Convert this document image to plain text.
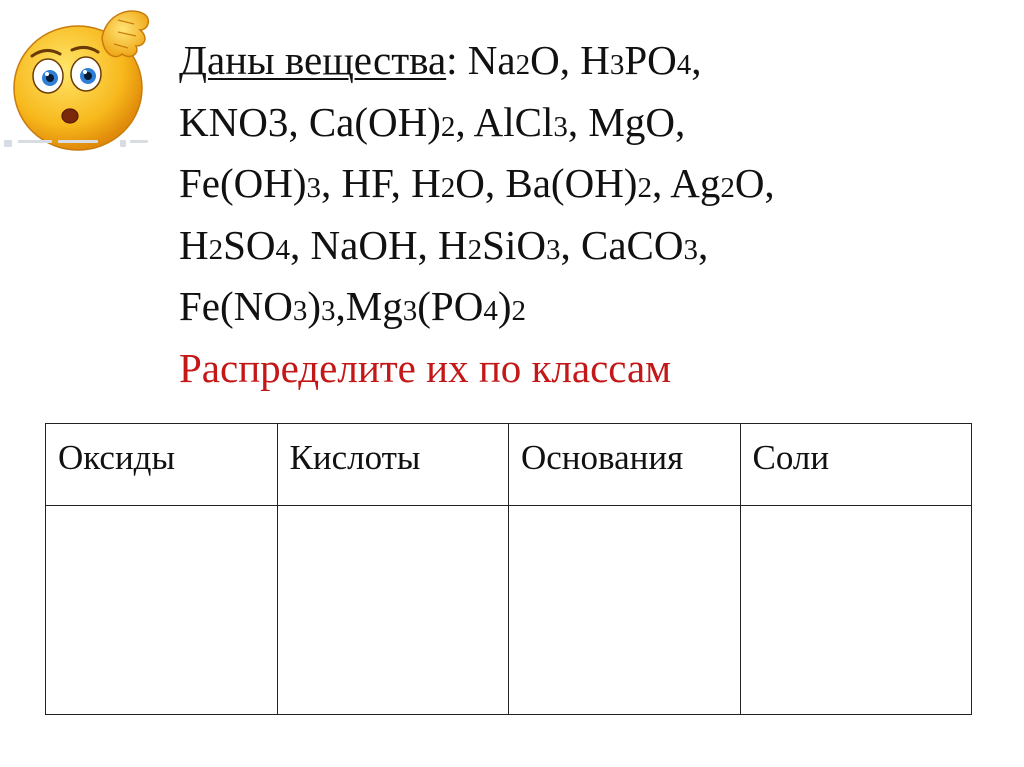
Даны вещества: Na2O, H3PO4,
KNO3, Ca(OH)2, AlCl3, MgO,
Fe(OH)3, HF, H2O, Ba(OH)2, Ag2O,
H2SO4, NaOH, H2SiO3, CaCO3,
Fe(NO3)3,Mg3(PO4)2
Распределите их по классам
Оксиды	Кислоты	Основания	Соли
